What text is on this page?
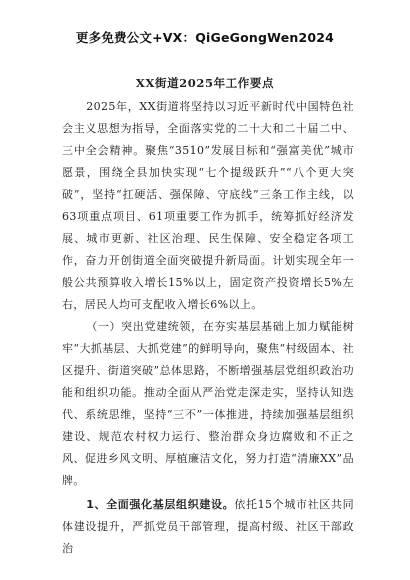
更多免费公文+VX：QiGeGongWen2024
XX街道2025年工作要点
2025年，XX街道将坚持以习近平新时代中国特色社会主义思想为指导，全面落实党的二十大和二十届二中、三中全会精神。聚焦“3510”发展目标和“强富美优”城市愿景，围绕全县加快实现“七个提级跃升”“八个更大突破”，坚持“扛硬活、强保障、守底线”三条工作主线，以63项重点项目、61项重要工作为抓手，统筹抓好经济发展、城市更新、社区治理、民生保障、安全稳定各项工作，奋力开创街道全面突破提升新局面。计划实现全年一般公共预算收入增长15%以上，固定资产投资增长5%左右，居民人均可支配收入增长6%以上。
（一）突出党建统领，在夯实基层基础上加力赋能树牢“大抓基层、大抓党建”的鲜明导向，聚焦“村级固本、社区提升、街道突破”总体思路，不断增强基层党组织政治功能和组织功能。推动全面从严治党走深走实，坚持认知迭代、系统思维，坚持“三不”一体推进，持续加强基层组织建设、规范农村权力运行、整治群众身边腐败和不正之风、促进乡风文明、厚植廉洁文化，努力打造“清廉XX”品牌。
1、全面强化基层组织建设。依托15个城市社区共同体建设提升，严抓党员干部管理，提高村级、社区干部政治
